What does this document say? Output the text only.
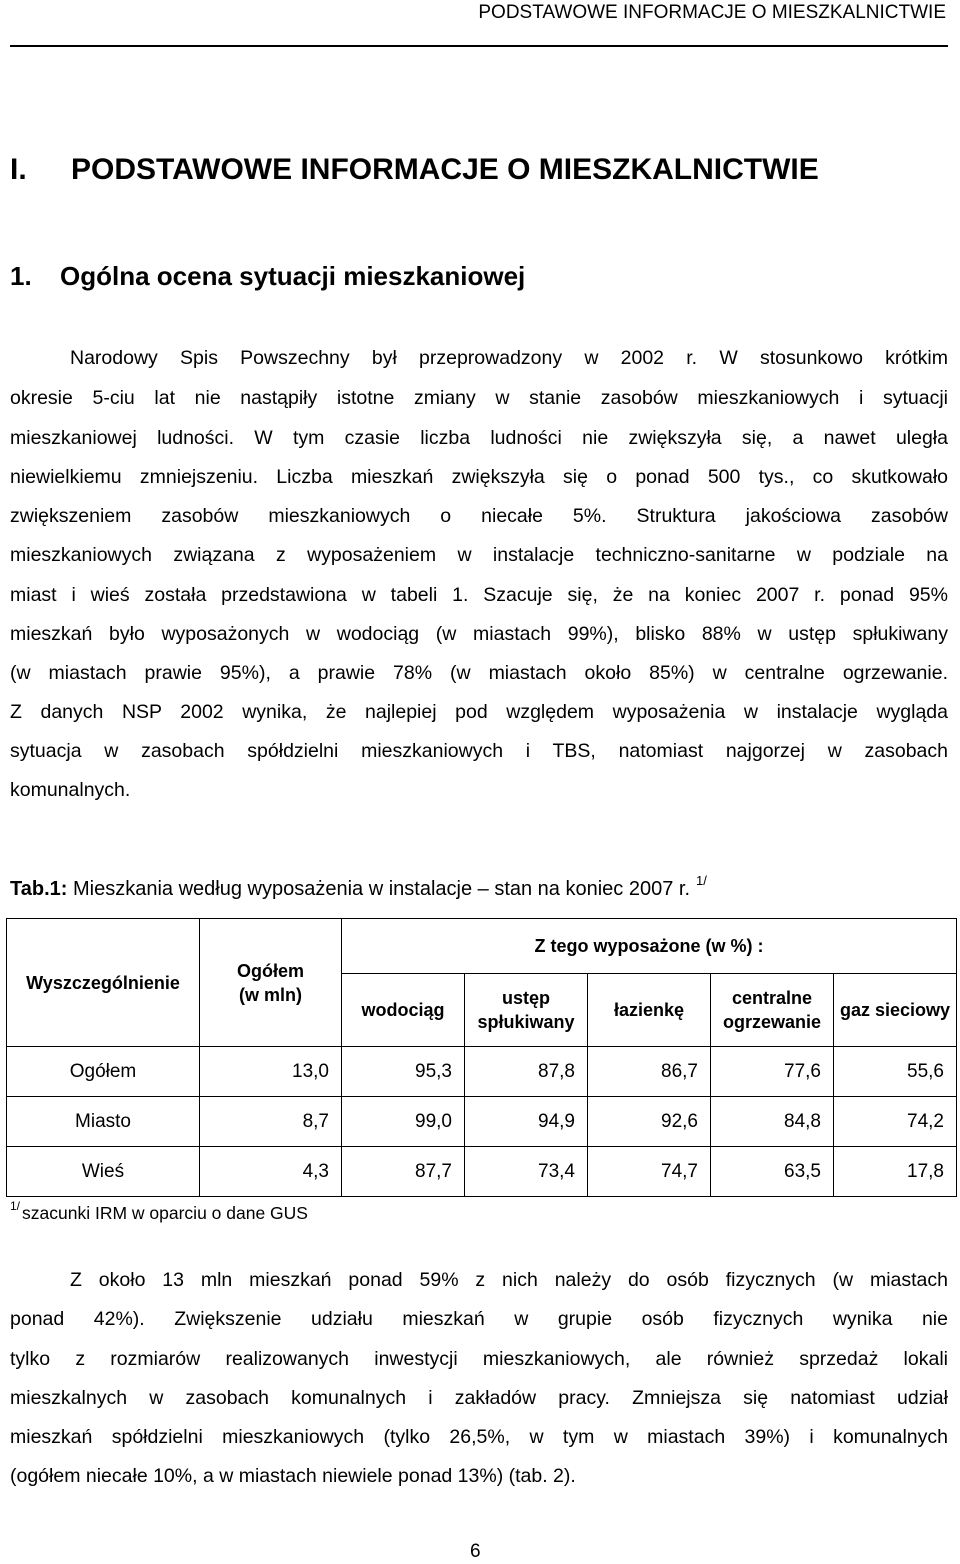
PODSTAWOWE INFORMACJE O MIESZKALNICTWIE
I. PODSTAWOWE INFORMACJE O MIESZKALNICTWIE
1. Ogólna ocena sytuacji mieszkaniowej
Narodowy Spis Powszechny był przeprowadzony w 2002 r. W stosunkowo krótkim
okresie 5-ciu lat nie nastąpiły istotne zmiany w stanie zasobów mieszkaniowych i sytuacji
mieszkaniowej ludności. W tym czasie liczba ludności nie zwiększyła się, a nawet uległa
niewielkiemu zmniejszeniu. Liczba mieszkań zwiększyła się o ponad 500 tys., co skutkowało
zwiększeniem zasobów mieszkaniowych o niecałe 5%. Struktura jakościowa zasobów
mieszkaniowych związana z wyposażeniem w instalacje techniczno-sanitarne w podziale na
miast i wieś została przedstawiona w tabeli 1. Szacuje się, że na koniec 2007 r. ponad 95%
mieszkań było wyposażonych w wodociąg (w miastach 99%), blisko 88% w ustęp spłukiwany
(w miastach prawie 95%), a prawie 78% (w miastach około 85%) w centralne ogrzewanie.
Z danych NSP 2002 wynika, że najlepiej pod względem wyposażenia w instalacje wygląda
sytuacja w zasobach spółdzielni mieszkaniowych i TBS, natomiast najgorzej w zasobach
komunalnych.
Tab.1: Mieszkania według wyposażenia w instalacje – stan na koniec 2007 r. $^{1/}$
Wyszczególnienie	Ogółem (w mln)	Z tego wyposażone (w %) :				
		wodociąg	ustęp spłukiwany	łazienkę	centralne ogrzewanie	gaz sieciowy
Ogółem	13,0	95,3	87,8	86,7	77,6	55,6
Miasto	8,7	99,0	94,9	92,6	84,8	74,2
Wieś	4,3	87,7	73,4	74,7	63,5	17,8
$^{1/}$ szacunki IRM w oparciu o dane GUS
Z około 13 mln mieszkań ponad 59% z nich należy do osób fizycznych (w miastach
ponad 42%). Zwiększenie udziału mieszkań w grupie osób fizycznych wynika nie
tylko z rozmiarów realizowanych inwestycji mieszkaniowych, ale również sprzedaż lokali
mieszkalnych w zasobach komunalnych i zakładów pracy. Zmniejsza się natomiast udział
mieszkań spółdzielni mieszkaniowych (tylko 26,5%, w tym w miastach 39%) i komunalnych
(ogółem niecałe 10%, a w miastach niewiele ponad 13%) (tab. 2).
6
